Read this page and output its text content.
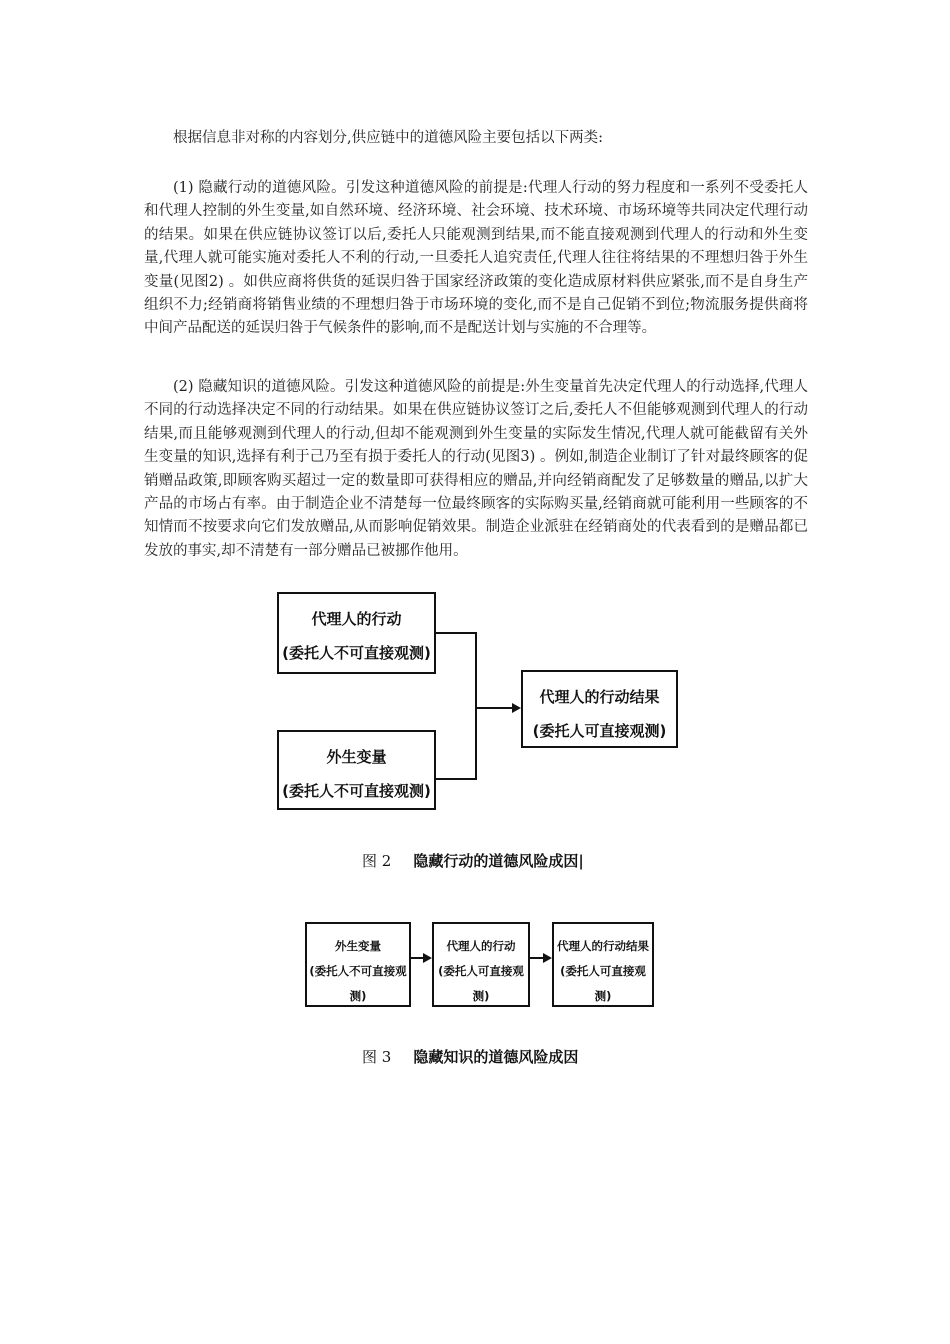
根据信息非对称的内容划分,供应链中的道德风险主要包括以下两类:

(1) 隐藏行动的道德风险。引发这种道德风险的前提是:代理人行动的努力程度和一系列不受委托人和代理人控制的外生变量,如自然环境、经济环境、社会环境、技术环境、市场环境等共同决定代理行动的结果。如果在供应链协议签订以后,委托人只能观测到结果,而不能直接观测到代理人的行动和外生变量,代理人就可能实施对委托人不利的行动,一旦委托人追究责任,代理人往往将结果的不理想归咎于外生变量(见图2) 。如供应商将供货的延误归咎于国家经济政策的变化造成原材料供应紧张,而不是自身生产组织不力;经销商将销售业绩的不理想归咎于市场环境的变化,而不是自己促销不到位;物流服务提供商将中间产品配送的延误归咎于气候条件的影响,而不是配送计划与实施的不合理等。

(2) 隐藏知识的道德风险。引发这种道德风险的前提是:外生变量首先决定代理人的行动选择,代理人不同的行动选择决定不同的行动结果。如果在供应链协议签订之后,委托人不但能够观测到代理人的行动结果,而且能够观测到代理人的行动,但却不能观测到外生变量的实际发生情况,代理人就可能截留有关外生变量的知识,选择有利于己乃至有损于委托人的行动(见图3) 。例如,制造企业制订了针对最终顾客的促销赠品政策,即顾客购买超过一定的数量即可获得相应的赠品,并向经销商配发了足够数量的赠品,以扩大产品的市场占有率。由于制造企业不清楚每一位最终顾客的实际购买量,经销商就可能利用一些顾客的不知情而不按要求向它们发放赠品,从而影响促销效果。制造企业派驻在经销商处的代表看到的是赠品都已发放的事实,却不清楚有一部分赠品已被挪作他用。

代理人的行动
(委托人不可直接观测)
外生变量
(委托人不可直接观测)
代理人的行动结果
(委托人可直接观测)
图 2 隐藏行动的道德风险成因|
外生变量
(委托人不可直接观测)
代理人的行动
(委托人可直接观测)
代理人的行动结果
(委托人可直接观测)
图 3 隐藏知识的道德风险成因
